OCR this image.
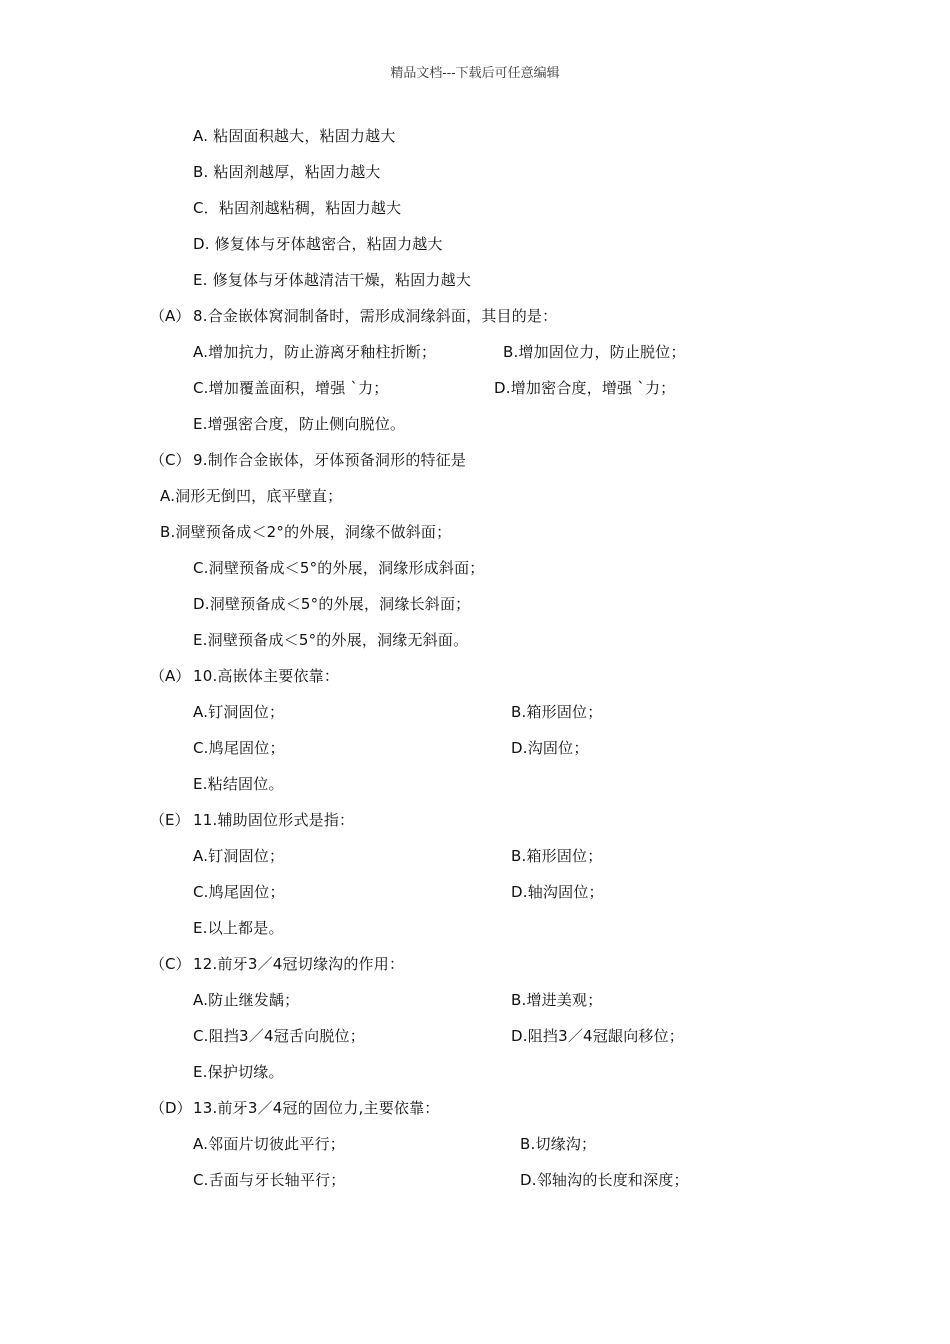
精品文档---下载后可任意编辑
A. 粘固面积越大，粘固力越大
B. 粘固剂越厚，粘固力越大
C．粘固剂越粘稠，粘固力越大
D. 修复体与牙体越密合，粘固力越大
E. 修复体与牙体越清洁干燥，粘固力越大
（A） 8.合金嵌体窝洞制备时，需形成洞缘斜面，其目的是：
A.增加抗力，防止游离牙釉柱折断；	B.增加固位力，防止脱位；
C.增加覆盖面积，增强 `力；	D.增加密合度，增强 `力；
E.增强密合度，防止侧向脱位。
（C） 9.制作合金嵌体，牙体预备洞形的特征是
A.洞形无倒凹，底平壁直；
B.洞壁预备成＜2°的外展，洞缘不做斜面；
C.洞壁预备成＜5°的外展，洞缘形成斜面；
D.洞壁预备成＜5°的外展，洞缘长斜面；
E.洞壁预备成＜5°的外展，洞缘无斜面。
（A） 10.高嵌体主要依靠：
A.钉洞固位；	B.箱形固位；
C.鸠尾固位；	D.沟固位；
E.粘结固位。
（E） 11.辅助固位形式是指：
A.钉洞固位；	B.箱形固位；
C.鸠尾固位；	D.轴沟固位；
E.以上都是。
（C） 12.前牙3／4冠切缘沟的作用：
A.防止继发龋；	B.增进美观；
C.阻挡3／4冠舌向脱位；	D.阻挡3／4冠龈向移位；
E.保护切缘。
（D） 13.前牙3／4冠的固位力,主要依靠：
A.邻面片切彼此平行；	B.切缘沟；
C.舌面与牙长轴平行；	D.邻轴沟的长度和深度；
